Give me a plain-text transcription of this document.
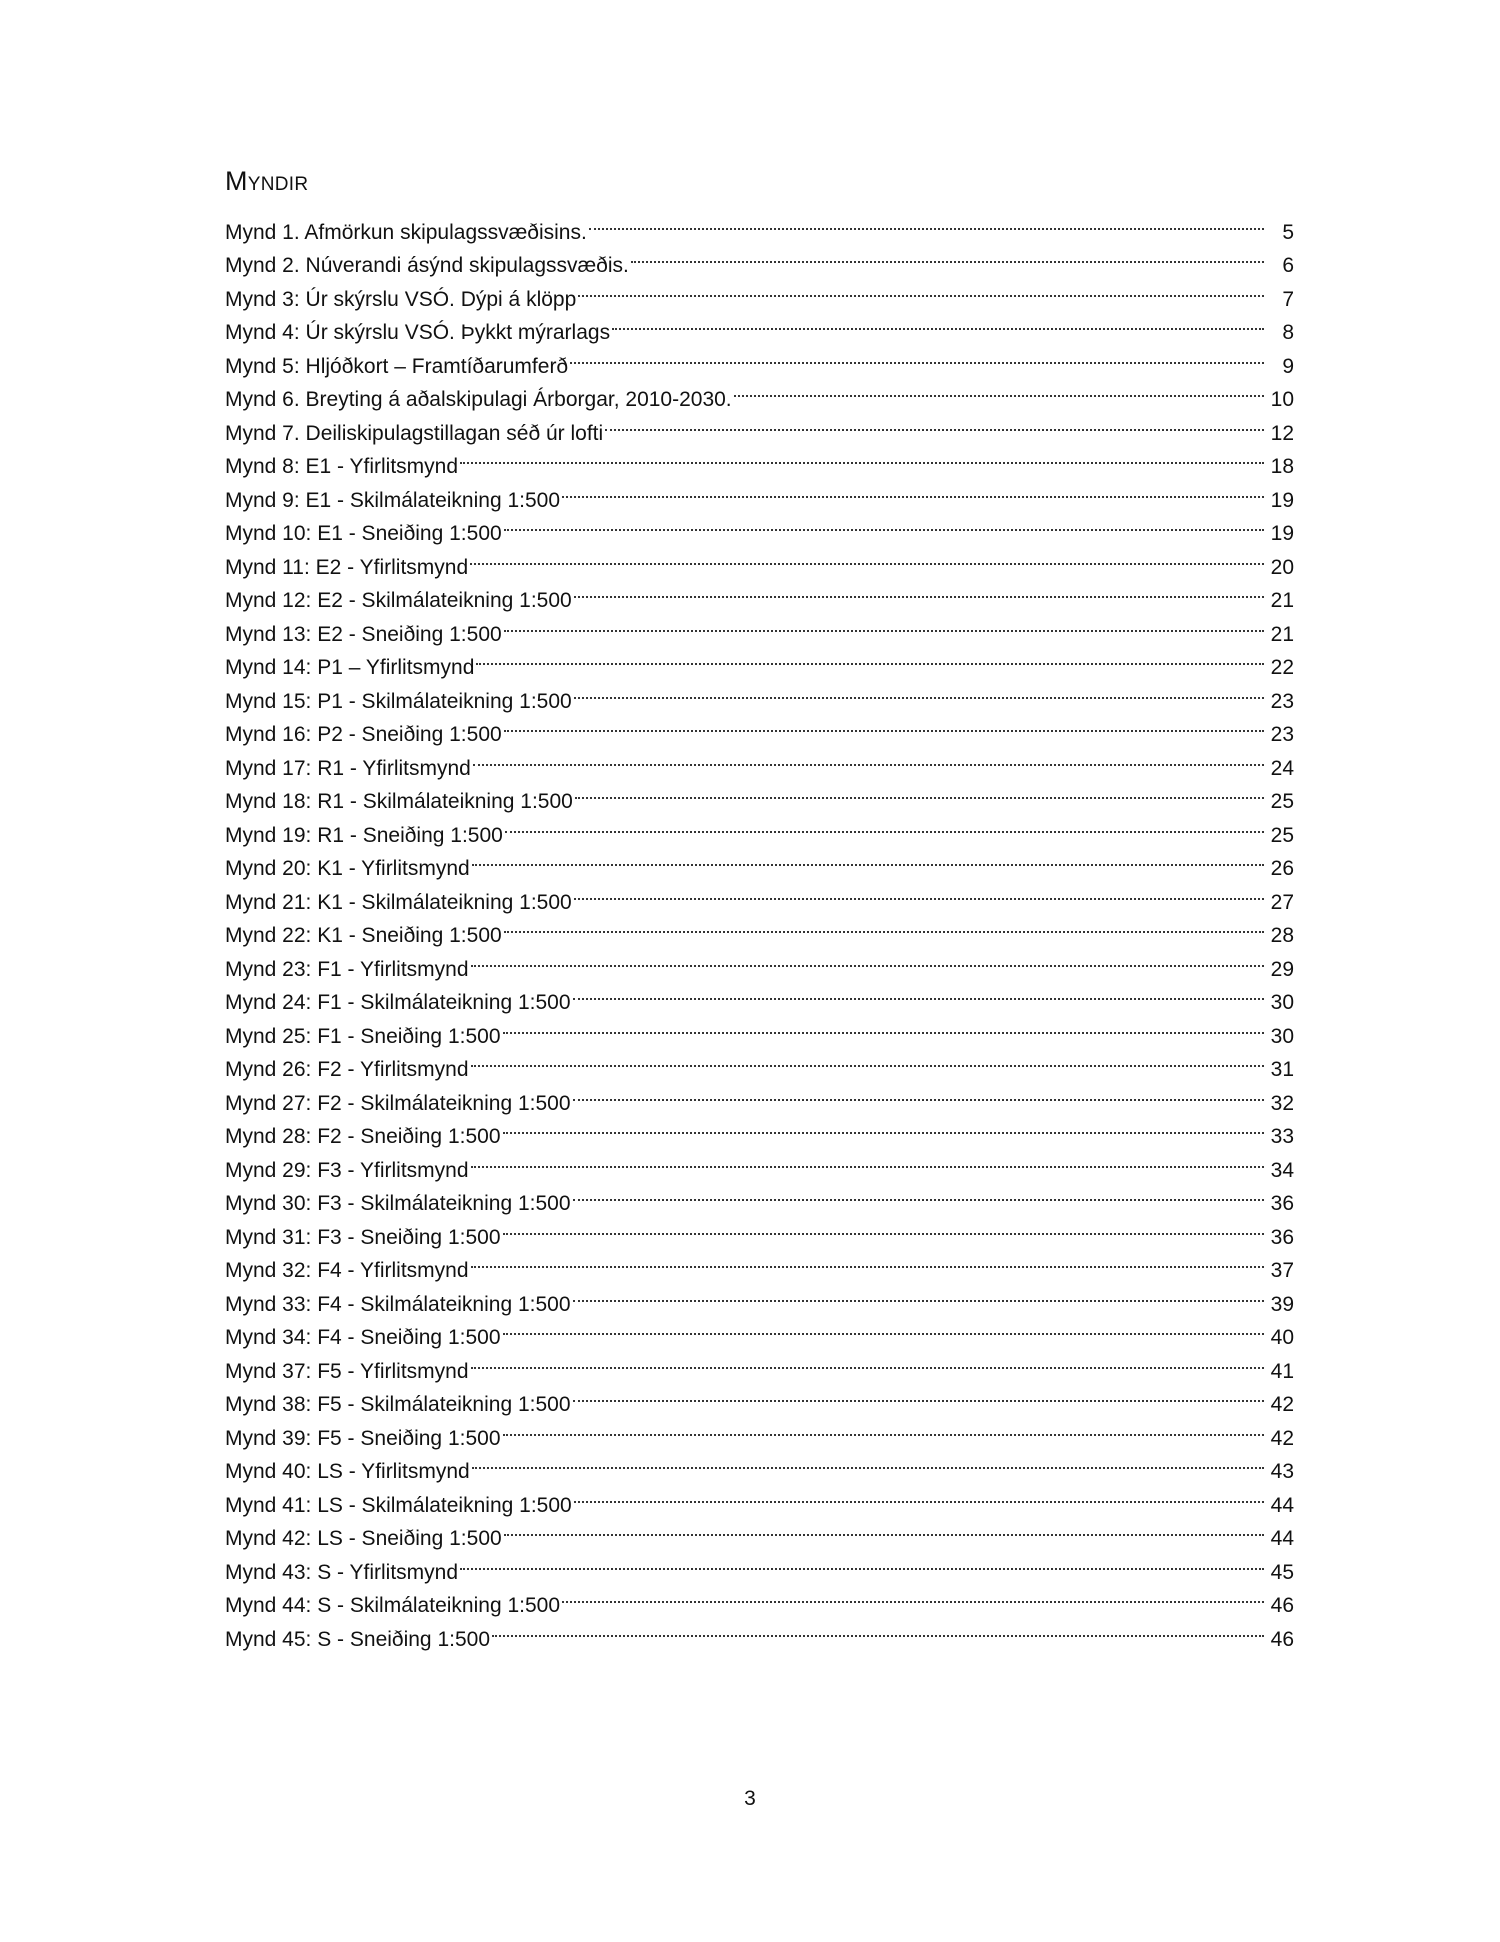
Myndir
Mynd 1. Afmörkun skipulagssvæðisins.	5
Mynd 2. Núverandi ásýnd skipulagssvæðis.	6
Mynd 3: Úr skýrslu VSÓ. Dýpi á klöpp	7
Mynd 4: Úr skýrslu VSÓ. Þykkt mýrarlags	8
Mynd 5: Hljóðkort – Framtíðarumferð	9
Mynd 6. Breyting á aðalskipulagi Árborgar, 2010-2030.	10
Mynd 7. Deiliskipulagstillagan séð úr lofti	12
Mynd 8: E1 - Yfirlitsmynd	18
Mynd 9: E1 - Skilmálateikning 1:500	19
Mynd 10: E1 - Sneiðing 1:500	19
Mynd 11: E2 - Yfirlitsmynd	20
Mynd 12: E2 - Skilmálateikning 1:500	21
Mynd 13: E2 - Sneiðing 1:500	21
Mynd 14: P1 – Yfirlitsmynd	22
Mynd 15: P1 - Skilmálateikning 1:500	23
Mynd 16: P2 - Sneiðing 1:500	23
Mynd 17: R1 - Yfirlitsmynd	24
Mynd 18: R1 - Skilmálateikning 1:500	25
Mynd 19: R1 - Sneiðing 1:500	25
Mynd 20: K1 - Yfirlitsmynd	26
Mynd 21: K1 - Skilmálateikning 1:500	27
Mynd 22: K1 - Sneiðing 1:500	28
Mynd 23: F1 - Yfirlitsmynd	29
Mynd 24: F1 - Skilmálateikning 1:500	30
Mynd 25: F1 - Sneiðing 1:500	30
Mynd 26: F2 - Yfirlitsmynd	31
Mynd 27: F2 - Skilmálateikning 1:500	32
Mynd 28: F2 - Sneiðing 1:500	33
Mynd 29: F3 - Yfirlitsmynd	34
Mynd 30: F3 - Skilmálateikning 1:500	36
Mynd 31: F3 - Sneiðing 1:500	36
Mynd 32: F4 - Yfirlitsmynd	37
Mynd 33: F4 - Skilmálateikning 1:500	39
Mynd 34: F4 - Sneiðing 1:500	40
Mynd 37: F5 - Yfirlitsmynd	41
Mynd 38: F5 - Skilmálateikning 1:500	42
Mynd 39: F5 - Sneiðing 1:500	42
Mynd 40: LS - Yfirlitsmynd	43
Mynd 41: LS - Skilmálateikning 1:500	44
Mynd 42: LS - Sneiðing 1:500	44
Mynd 43: S - Yfirlitsmynd	45
Mynd 44: S - Skilmálateikning 1:500	46
Mynd 45: S - Sneiðing 1:500	46
3
